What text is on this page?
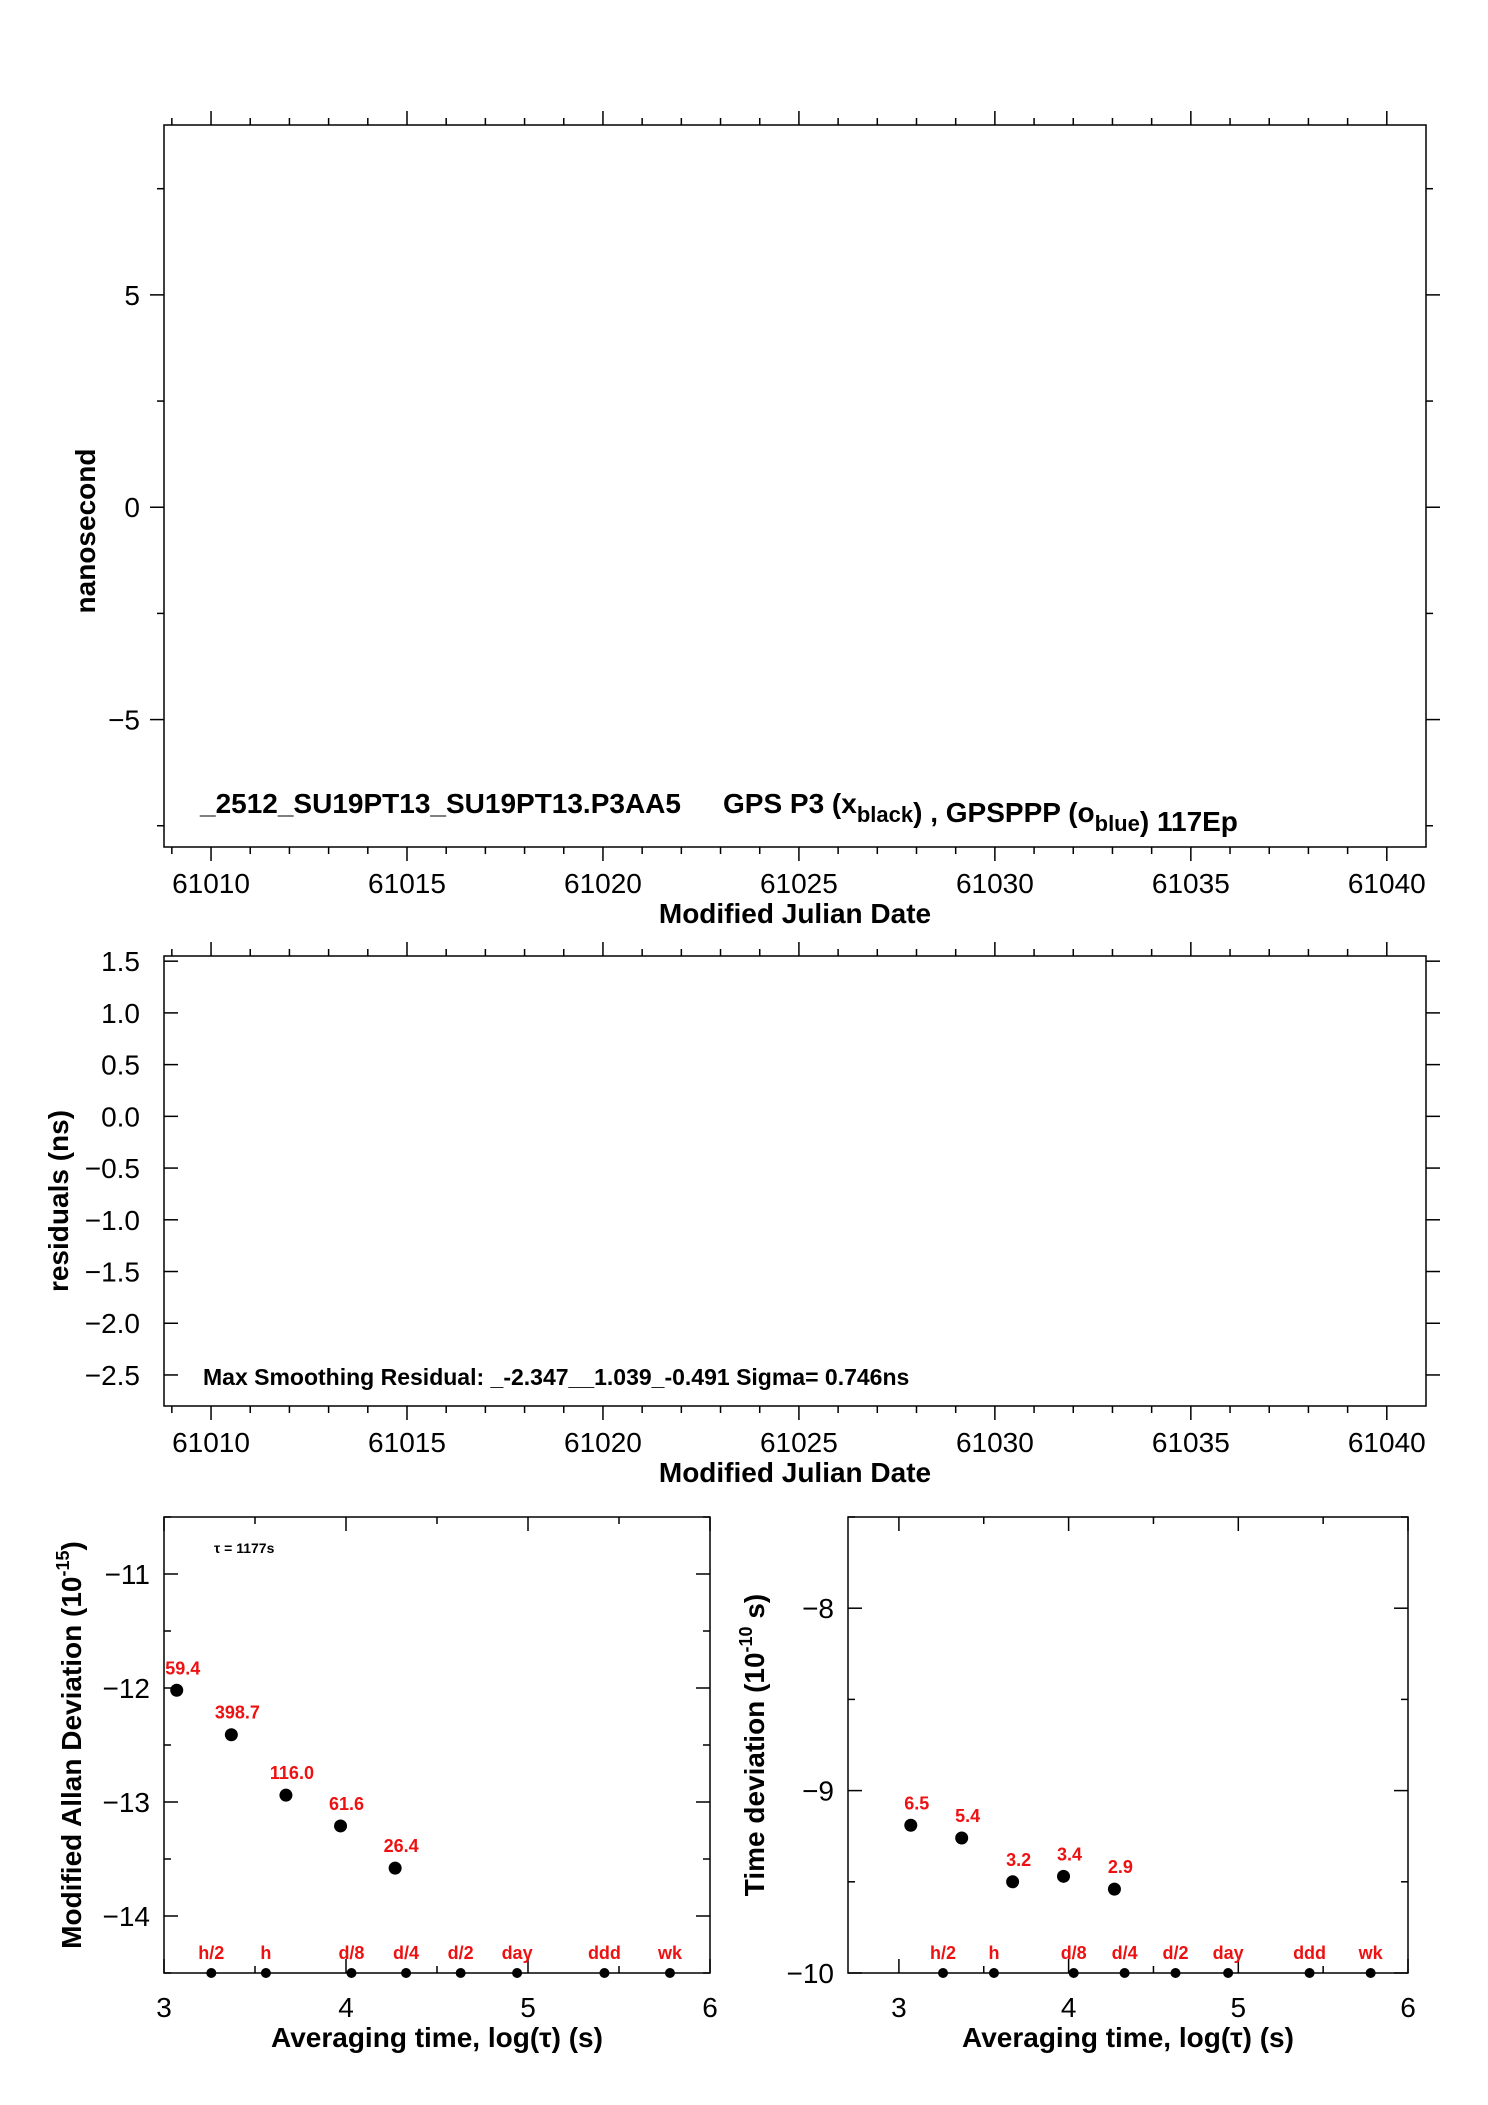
61010	61015	61020	61025	61030	61035	61040
5
0
−5
Modified Julian Date
nanosecond
_2512_SU19PT13_SU19PT13.P3AA5   GPS P3 $(x_{black})$ , GPSPPP $(o_{blue})$ 117Ep
61010	61015	61020	61025	61030	61035	61040
1.5
1.0
0.5
0.0
−0.5
−1.0
−1.5
−2.0
−2.5
Modified Julian Date
residuals (ns)
Max Smoothing Residual: _-2.347__1.039_-0.491 Sigma= 0.746ns
3	4	5	6
−11
−12
−13
−14
59.4
398.7
116.0
61.6
26.4
h/2 h	d/8 d/4 d/2 day	ddd wk
Averaging time, log(τ) (s)
Modified Allan Deviation $(10^{-15})$	τ = 1177s
3	4	5	6
−8
−9
−10
6.5
5.4
3.2 3.4
2.9
h/2 h	d/8 d/4 d/2 day	ddd wk
Averaging time, log(τ) (s)
Time deviation ($10^{-10}$ s)
